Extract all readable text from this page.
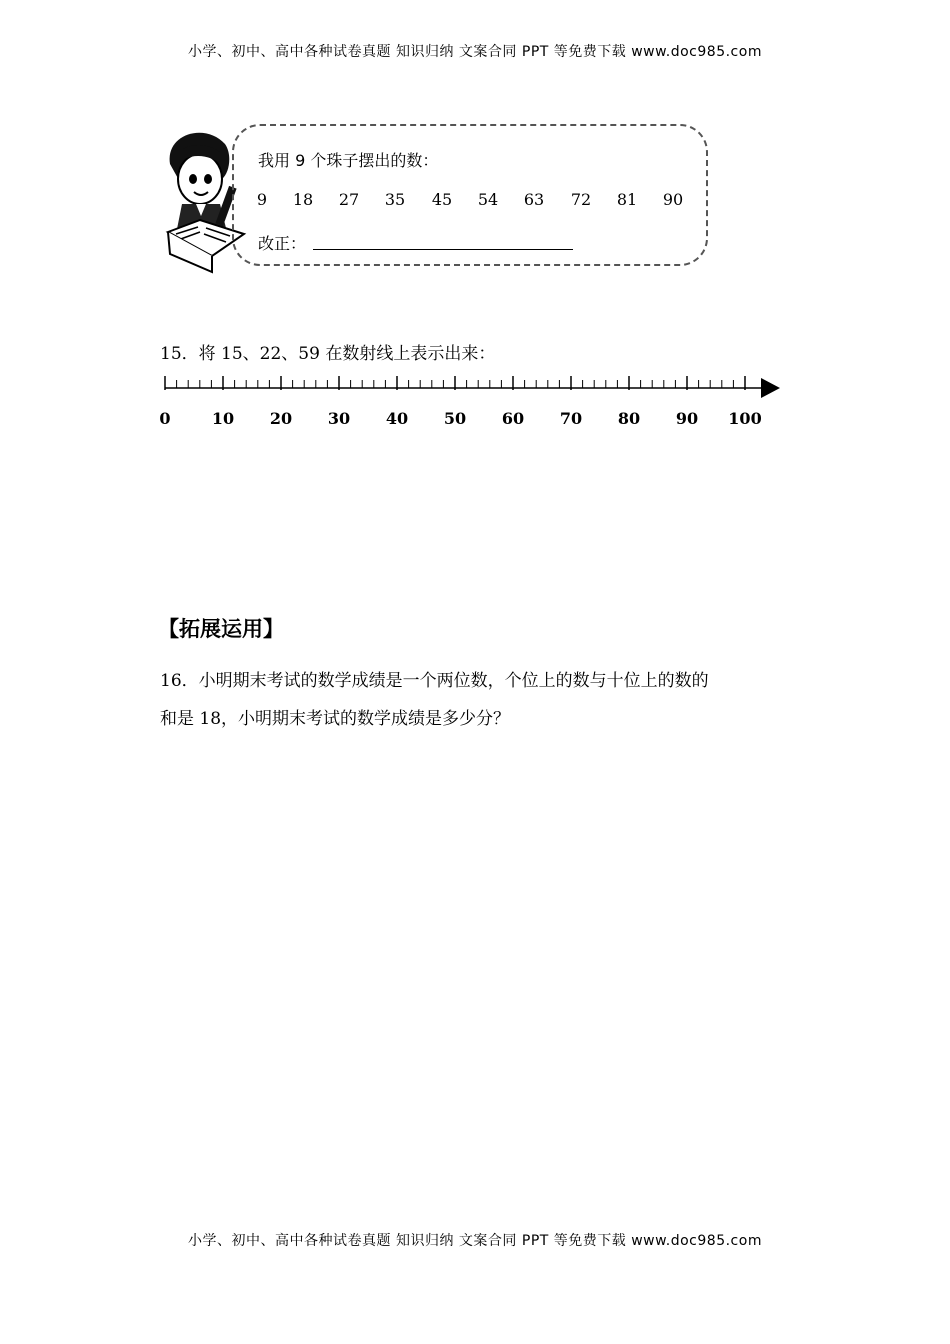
小学、初中、高中各种试卷真题 知识归纳 文案合同 PPT 等免费下载 www.doc985.com
我用 9 个珠子摆出的数：
9	18	27	35	45	54	63	72	81	90
改正：
15．将 15、22、59 在数射线上表示出来：
0	10 20 30 40 50 60 70 80 90 100
【拓展运用】
16．小明期末考试的数学成绩是一个两位数，个位上的数与十位上的数的
和是 18，小明期末考试的数学成绩是多少分？
小学、初中、高中各种试卷真题 知识归纳 文案合同 PPT 等免费下载 www.doc985.com
